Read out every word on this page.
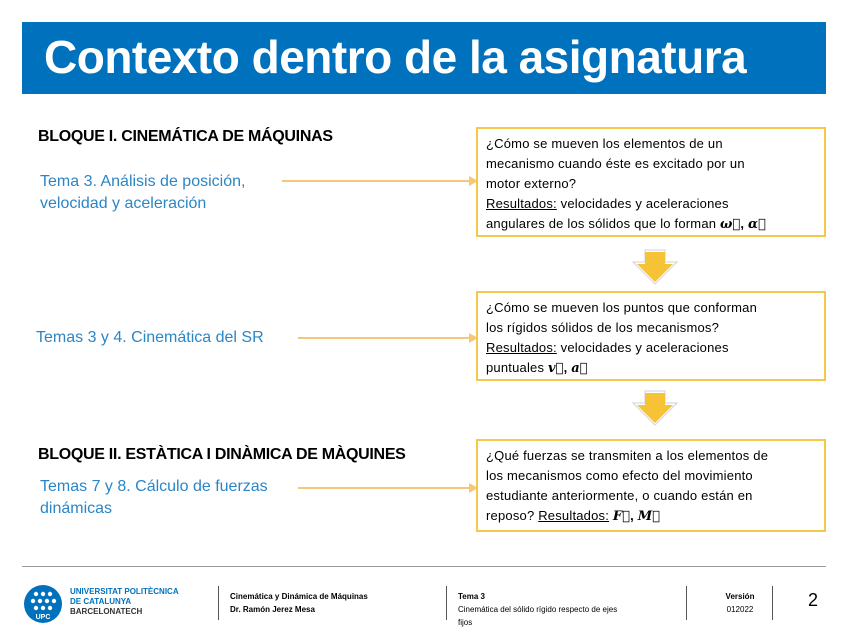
Contexto dentro de la asignatura
BLOQUE I. CINEMÁTICA DE MÁQUINAS
BLOQUE II. ESTÀTICA I DINÀMICA DE MÀQUINES
Tema 3. Análisis de posición,
velocidad y aceleración
Temas 3 y 4. Cinemática del SR
Temas 7 y 8. Cálculo de fuerzas
dinámicas
¿Cómo se mueven los elementos de un
mecanismo cuando éste es excitado por un
motor externo?
Resultados: velocidades y aceleraciones
angulares de los sólidos que lo forman ω⃗, α⃗
¿Cómo se mueven los puntos que conforman
los rígidos sólidos de los mecanismos?
Resultados: velocidades y aceleraciones
puntuales v⃗, a⃗
¿Qué fuerzas se transmiten a los elementos de
los mecanismos como efecto del movimiento
estudiante anteriormente, o cuando están en
reposo? Resultados: F⃗, M⃗
UPC
UNIVERSITAT POLITÈCNICA
DE CATALUNYA
BARCELONATECH
Cinemática y Dinámica de Máquinas
Dr. Ramón Jerez Mesa
Tema 3
Cinemática del sólido rígido respecto de ejes
fijos
Versión
012022	2
